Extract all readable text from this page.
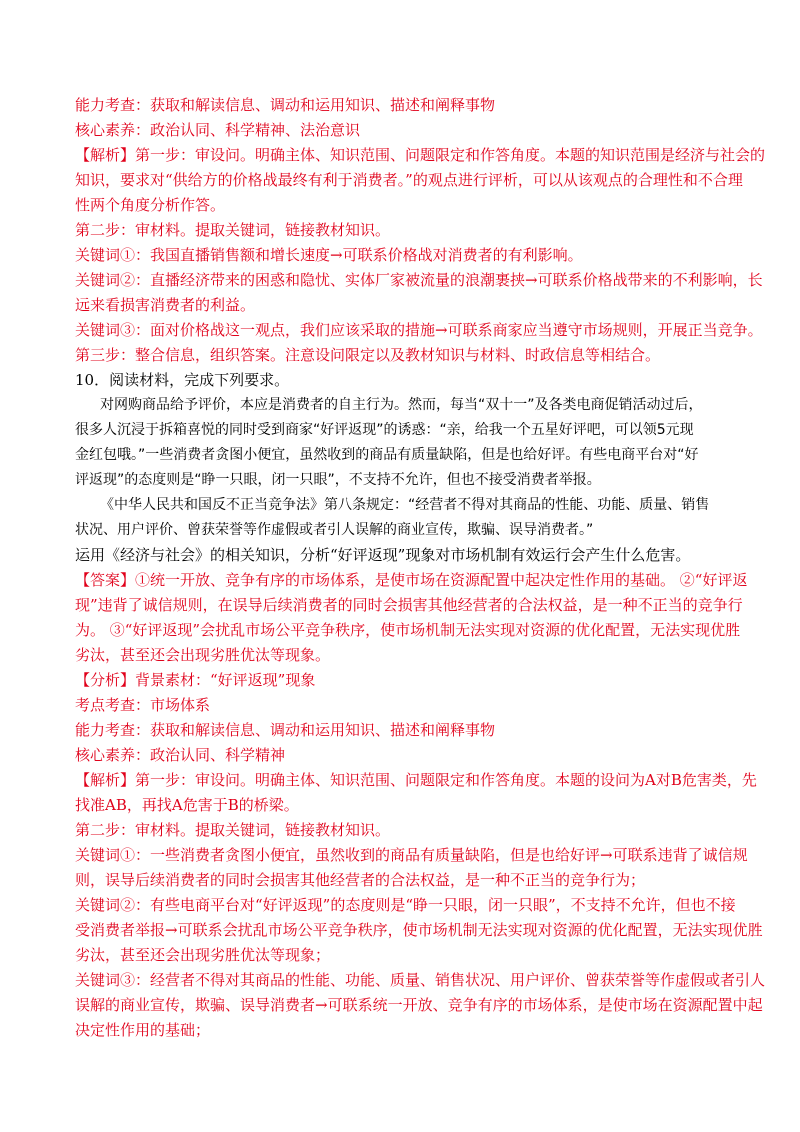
能力考查：获取和解读信息、调动和运用知识、描述和阐释事物
核心素养：政治认同、科学精神、法治意识
【解析】第一步：审设问。明确主体、知识范围、问题限定和作答角度。本题的知识范围是经济与社会的
知识，要求对“供给方的价格战最终有利于消费者。”的观点进行评析，可以从该观点的合理性和不合理
性两个角度分析作答。
第二步：审材料。提取关键词，链接教材知识。
关键词①：我国直播销售额和增长速度→可联系价格战对消费者的有利影响。
关键词②：直播经济带来的困惑和隐忧、实体厂家被流量的浪潮裹挟→可联系价格战带来的不利影响，长
远来看损害消费者的利益。
关键词③：面对价格战这一观点，我们应该采取的措施→可联系商家应当遵守市场规则，开展正当竞争。
第三步：整合信息，组织答案。注意设问限定以及教材知识与材料、时政信息等相结合。
10．阅读材料，完成下列要求。
对网购商品给予评价，本应是消费者的自主行为。然而，每当“双十一”及各类电商促销活动过后，
很多人沉浸于拆箱喜悦的同时受到商家“好评返现”的诱惑：“亲，给我一个五星好评吧，可以领5元现
金红包哦。”一些消费者贪图小便宜，虽然收到的商品有质量缺陷，但是也给好评。有些电商平台对“好
评返现”的态度则是“睁一只眼，闭一只眼”，不支持不允许，但也不接受消费者举报。
《中华人民共和国反不正当竞争法》第八条规定：“经营者不得对其商品的性能、功能、质量、销售
状况、用户评价、曾获荣誉等作虚假或者引人误解的商业宣传，欺骗、误导消费者。”
运用《经济与社会》的相关知识，分析“好评返现”现象对市场机制有效运行会产生什么危害。
【答案】①统一开放、竞争有序的市场体系，是使市场在资源配置中起决定性作用的基础。 ②“好评返
现”违背了诚信规则，在误导后续消费者的同时会损害其他经营者的合法权益，是一种不正当的竞争行
为。 ③“好评返现”会扰乱市场公平竞争秩序，使市场机制无法实现对资源的优化配置，无法实现优胜
劣汰，甚至还会出现劣胜优汰等现象。
【分析】背景素材：“好评返现”现象
考点考查：市场体系
能力考查：获取和解读信息、调动和运用知识、描述和阐释事物
核心素养：政治认同、科学精神
【解析】第一步：审设问。明确主体、知识范围、问题限定和作答角度。本题的设问为A对B危害类，先
找准AB，再找A危害于B的桥梁。
第二步：审材料。提取关键词，链接教材知识。
关键词①：一些消费者贪图小便宜，虽然收到的商品有质量缺陷，但是也给好评→可联系违背了诚信规
则，误导后续消费者的同时会损害其他经营者的合法权益，是一种不正当的竞争行为；
关键词②：有些电商平台对“好评返现”的态度则是“睁一只眼，闭一只眼”，不支持不允许，但也不接
受消费者举报→可联系会扰乱市场公平竞争秩序，使市场机制无法实现对资源的优化配置，无法实现优胜
劣汰，甚至还会出现劣胜优汰等现象；
关键词③：经营者不得对其商品的性能、功能、质量、销售状况、用户评价、曾获荣誉等作虚假或者引人
误解的商业宣传，欺骗、误导消费者→可联系统一开放、竞争有序的市场体系，是使市场在资源配置中起
决定性作用的基础；
